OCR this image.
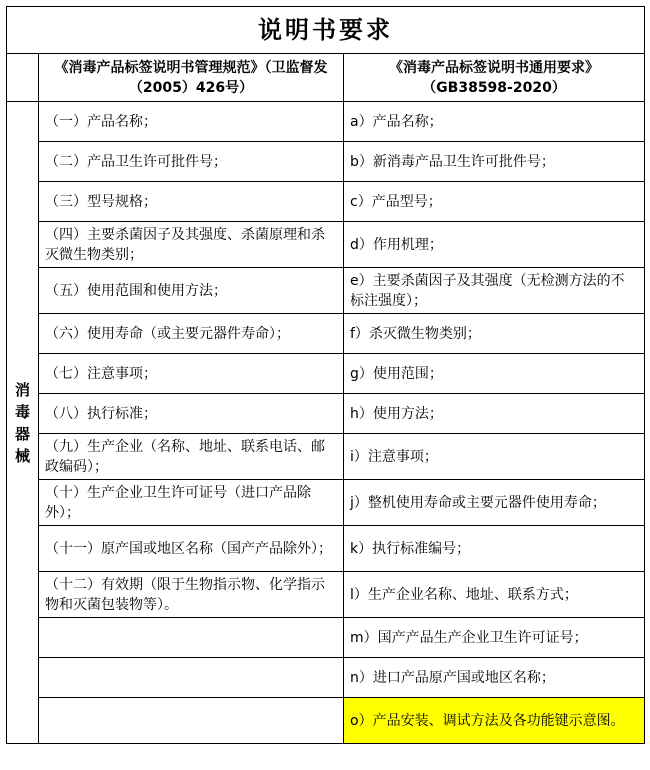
说明书要求		
	《消毒产品标签说明书管理规范》（卫监督发（2005）426号）	《消毒产品标签说明书通用要求》（GB38598-2020）

消毒器械	（一）产品名称；	a）产品名称；
	（二）产品卫生许可批件号；	b）新消毒产品卫生许可批件号；
	（三）型号规格；	c）产品型号；
	（四）主要杀菌因子及其强度、杀菌原理和杀灭微生物类别；	d）作用机理；
	（五）使用范围和使用方法；	e）主要杀菌因子及其强度（无检测方法的不标注强度）；
	（六）使用寿命（或主要元器件寿命）；	f）杀灭微生物类别；
	（七）注意事项；	g）使用范围；
	（八）执行标准；	h）使用方法；
	（九）生产企业（名称、地址、联系电话、邮政编码）；	i）注意事项；
	（十）生产企业卫生许可证号（进口产品除外）；	j）整机使用寿命或主要元器件使用寿命；
	（十一）原产国或地区名称（国产产品除外）；	k）执行标准编号；
	（十二）有效期（限于生物指示物、化学指示物和灭菌包装物等）。	l）生产企业名称、地址、联系方式；
		m）国产产品生产企业卫生许可证号；
		n）进口产品原产国或地区名称；
		o）产品安装、调试方法及各功能键示意图。
